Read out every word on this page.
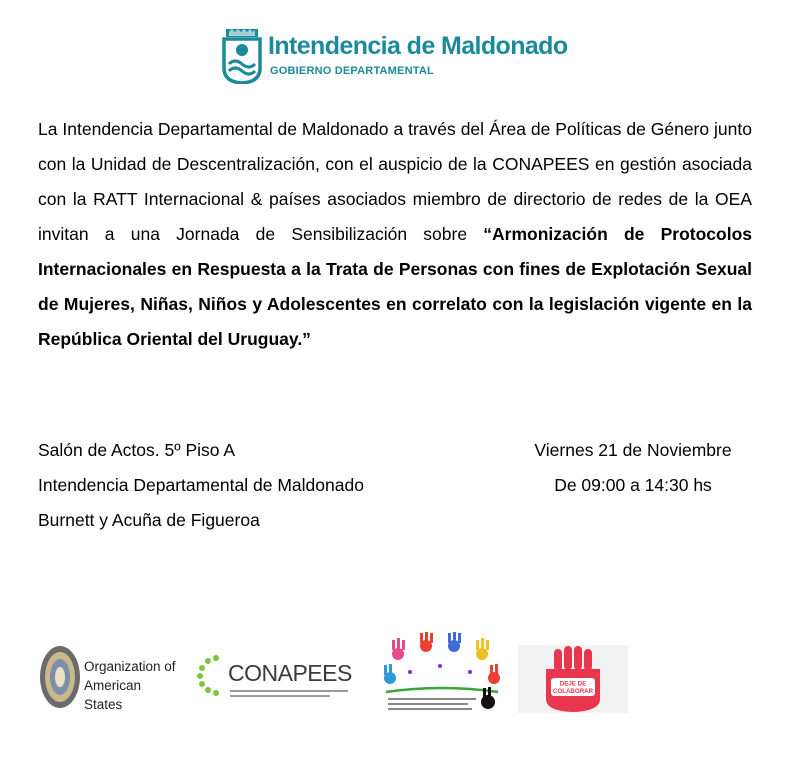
Intendencia de Maldonado
GOBIERNO DEPARTAMENTAL

La Intendencia Departamental de Maldonado a través del Área de Políticas de Género junto con la Unidad de Descentralización, con el auspicio de la CONAPEES en gestión asociada con la RATT Internacional & países asociados miembro de directorio de redes de la OEA invitan a una Jornada de Sensibilización sobre “Armonización de Protocolos Internacionales en Respuesta a la Trata de Personas con fines de Explotación Sexual de Mujeres, Niñas, Niños y Adolescentes en correlato con la legislación vigente en la República Oriental del Uruguay.”

Salón de Actos. 5º Piso A	Viernes 21 de Noviembre
Intendencia Departamental de Maldonado	De 09:00 a 14:30 hs
Burnett y Acuña de Figueroa
Organization of
American States
CONAPEES	DEJE DE
COLABORAR
